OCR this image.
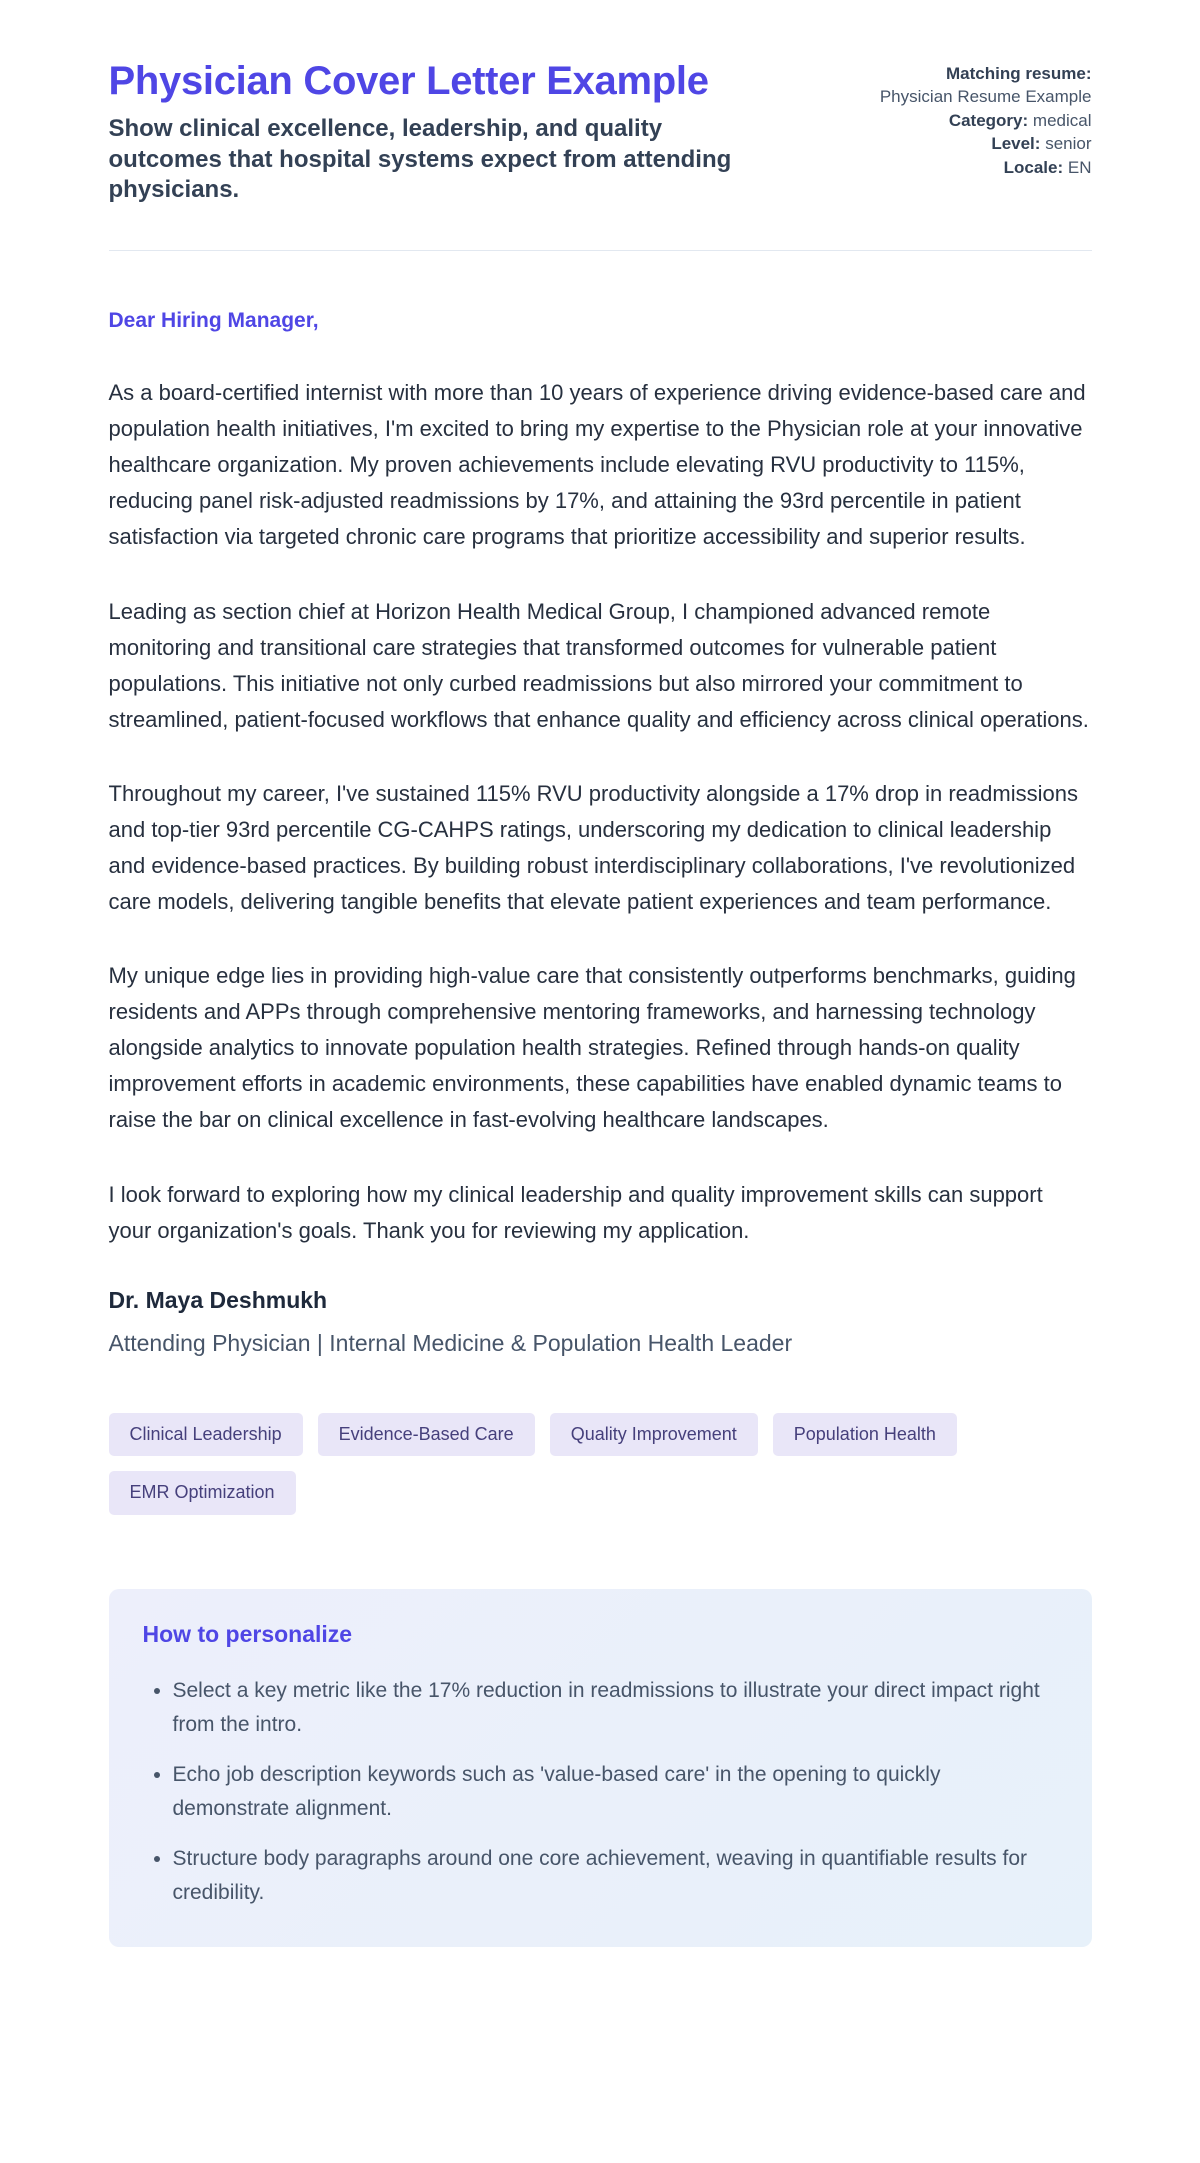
Physician Cover Letter Example

Show clinical excellence, leadership, and quality outcomes that hospital systems expect from attending physicians.

Matching resume: Physician Resume Example
Category: medical
Level: senior
Locale: EN

Dear Hiring Manager,

As a board-certified internist with more than 10 years of experience driving evidence-based care and population health initiatives, I'm excited to bring my expertise to the Physician role at your innovative healthcare organization. My proven achievements include elevating RVU productivity to 115%, reducing panel risk-adjusted readmissions by 17%, and attaining the 93rd percentile in patient satisfaction via targeted chronic care programs that prioritize accessibility and superior results.

Leading as section chief at Horizon Health Medical Group, I championed advanced remote monitoring and transitional care strategies that transformed outcomes for vulnerable patient populations. This initiative not only curbed readmissions but also mirrored your commitment to streamlined, patient-focused workflows that enhance quality and efficiency across clinical operations.

Throughout my career, I've sustained 115% RVU productivity alongside a 17% drop in readmissions and top-tier 93rd percentile CG-CAHPS ratings, underscoring my dedication to clinical leadership and evidence-based practices. By building robust interdisciplinary collaborations, I've revolutionized care models, delivering tangible benefits that elevate patient experiences and team performance.

My unique edge lies in providing high-value care that consistently outperforms benchmarks, guiding residents and APPs through comprehensive mentoring frameworks, and harnessing technology alongside analytics to innovate population health strategies. Refined through hands-on quality improvement efforts in academic environments, these capabilities have enabled dynamic teams to raise the bar on clinical excellence in fast-evolving healthcare landscapes.

I look forward to exploring how my clinical leadership and quality improvement skills can support your organization's goals. Thank you for reviewing my application.

Dr. Maya Deshmukh

Attending Physician | Internal Medicine & Population Health Leader

Clinical Leadership	Evidence-Based Care	Quality Improvement	Population Health
EMR Optimization
How to personalize
• Select a key metric like the 17% reduction in readmissions to illustrate your direct impact right from the intro.
• Echo job description keywords such as 'value-based care' in the opening to quickly demonstrate alignment.
• Structure body paragraphs around one core achievement, weaving in quantifiable results for credibility.
